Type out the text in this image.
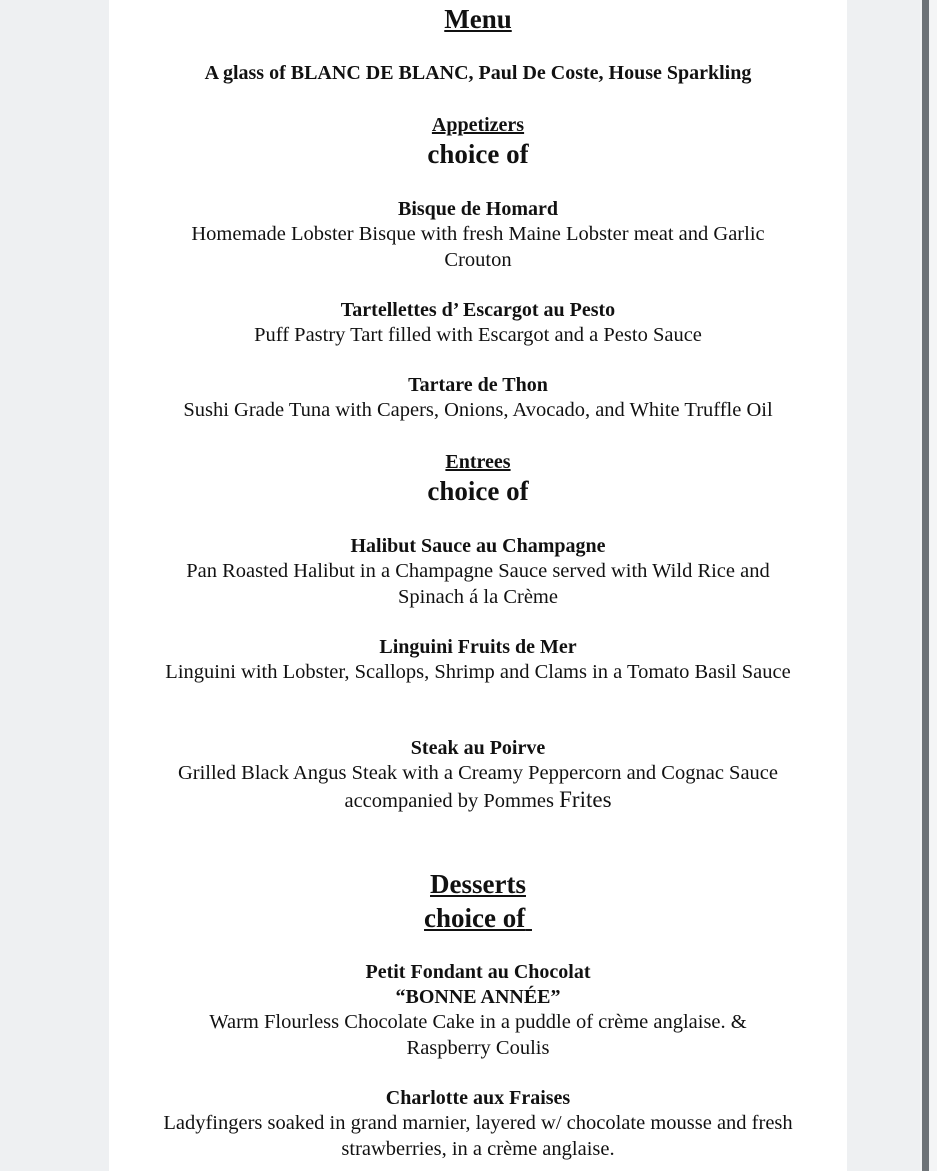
Menu
A glass of BLANC DE BLANC, Paul De Coste, House Sparkling
Appetizers
choice of
Bisque de Homard
Homemade Lobster Bisque with fresh Maine Lobster meat and Garlic Crouton
Tartellettes d’ Escargot au Pesto
Puff Pastry Tart filled with Escargot and a Pesto Sauce
Tartare de Thon
Sushi Grade Tuna with Capers, Onions, Avocado, and White Truffle Oil
Entrees
choice of
Halibut Sauce au Champagne
Pan Roasted Halibut in a Champagne Sauce served with Wild Rice and Spinach á la Crème
Linguini Fruits de Mer
Linguini with Lobster, Scallops, Shrimp and Clams in a Tomato Basil Sauce
Steak au Poirve
Grilled Black Angus Steak with a Creamy Peppercorn and Cognac Sauce accompanied by Pommes Frites
Desserts
choice of
Petit Fondant au Chocolat
“BONNE ANNÉE”
Warm Flourless Chocolate Cake in a puddle of crème anglaise. & Raspberry Coulis
Charlotte aux Fraises
Ladyfingers soaked in grand marnier, layered w/ chocolate mousse and fresh strawberries, in a crème anglaise.
